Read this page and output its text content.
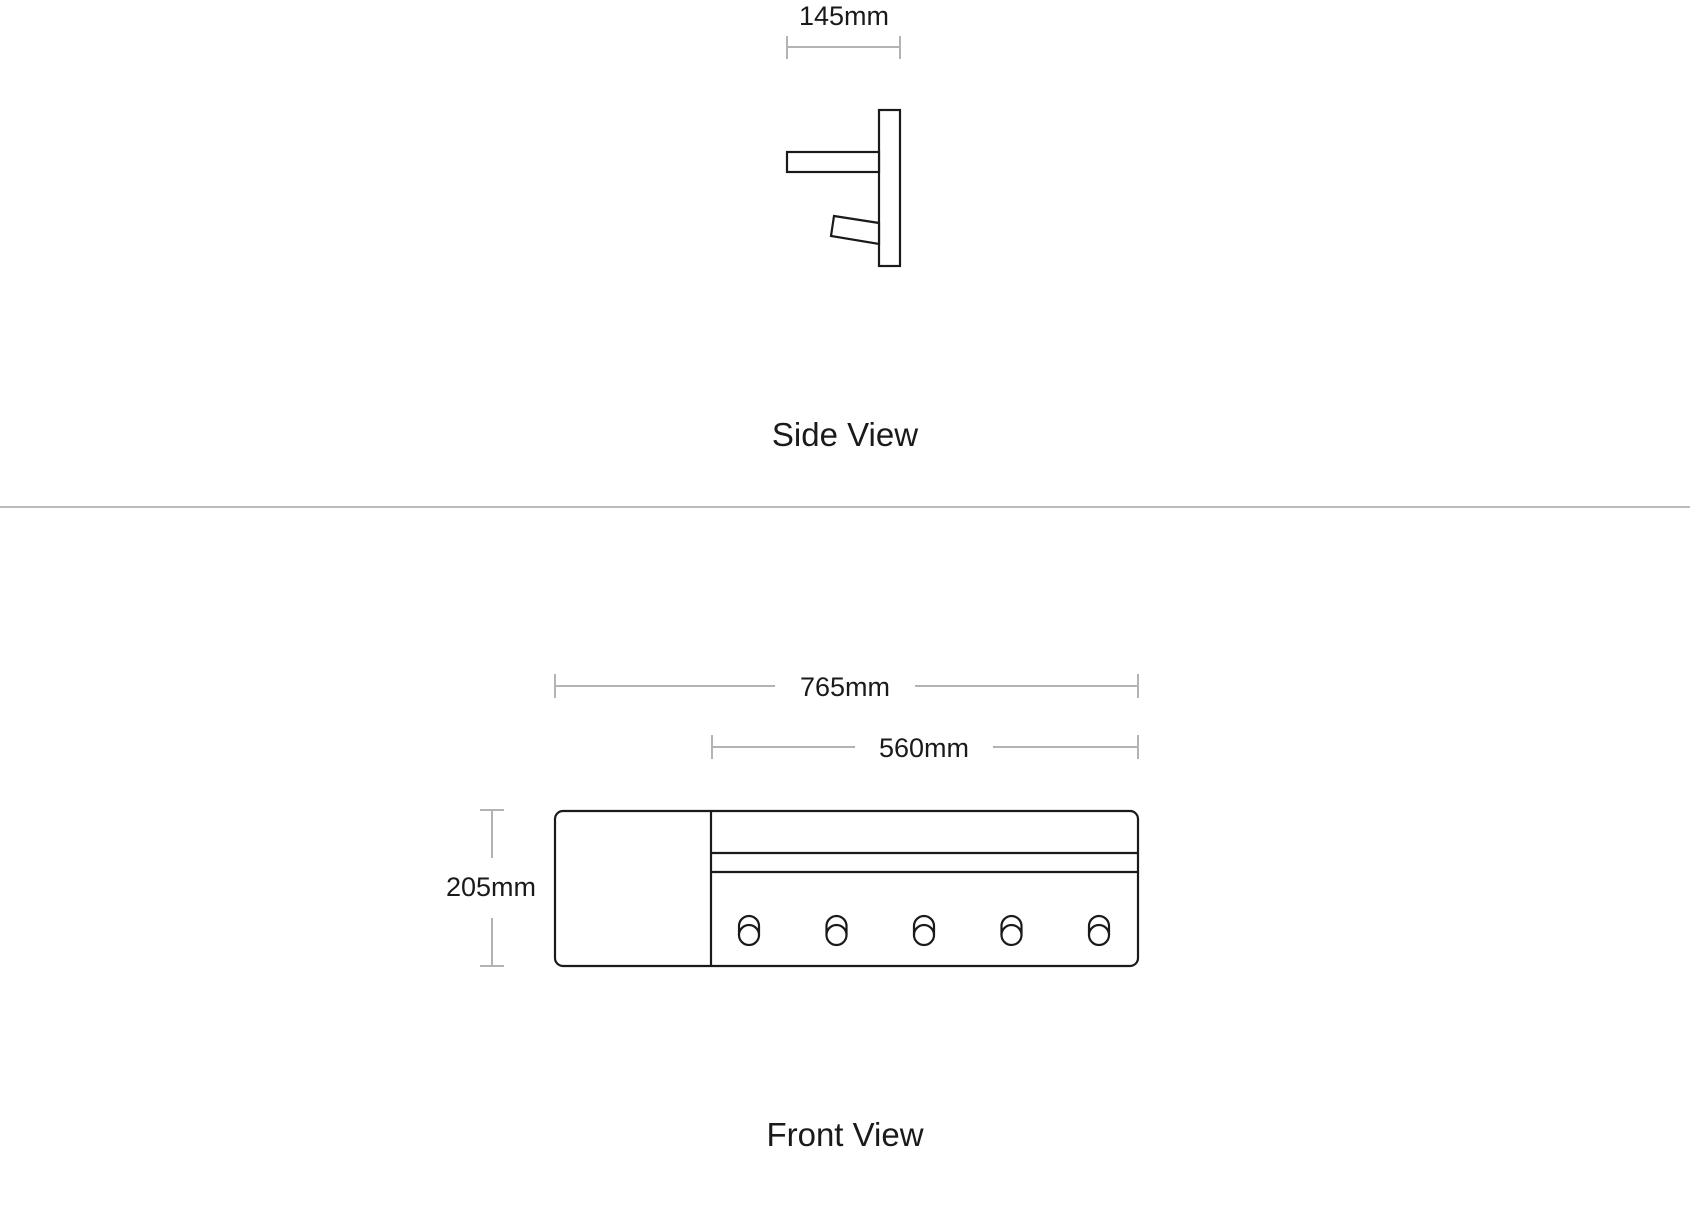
145mm
Side View
765mm
560mm
205mm
Front View
